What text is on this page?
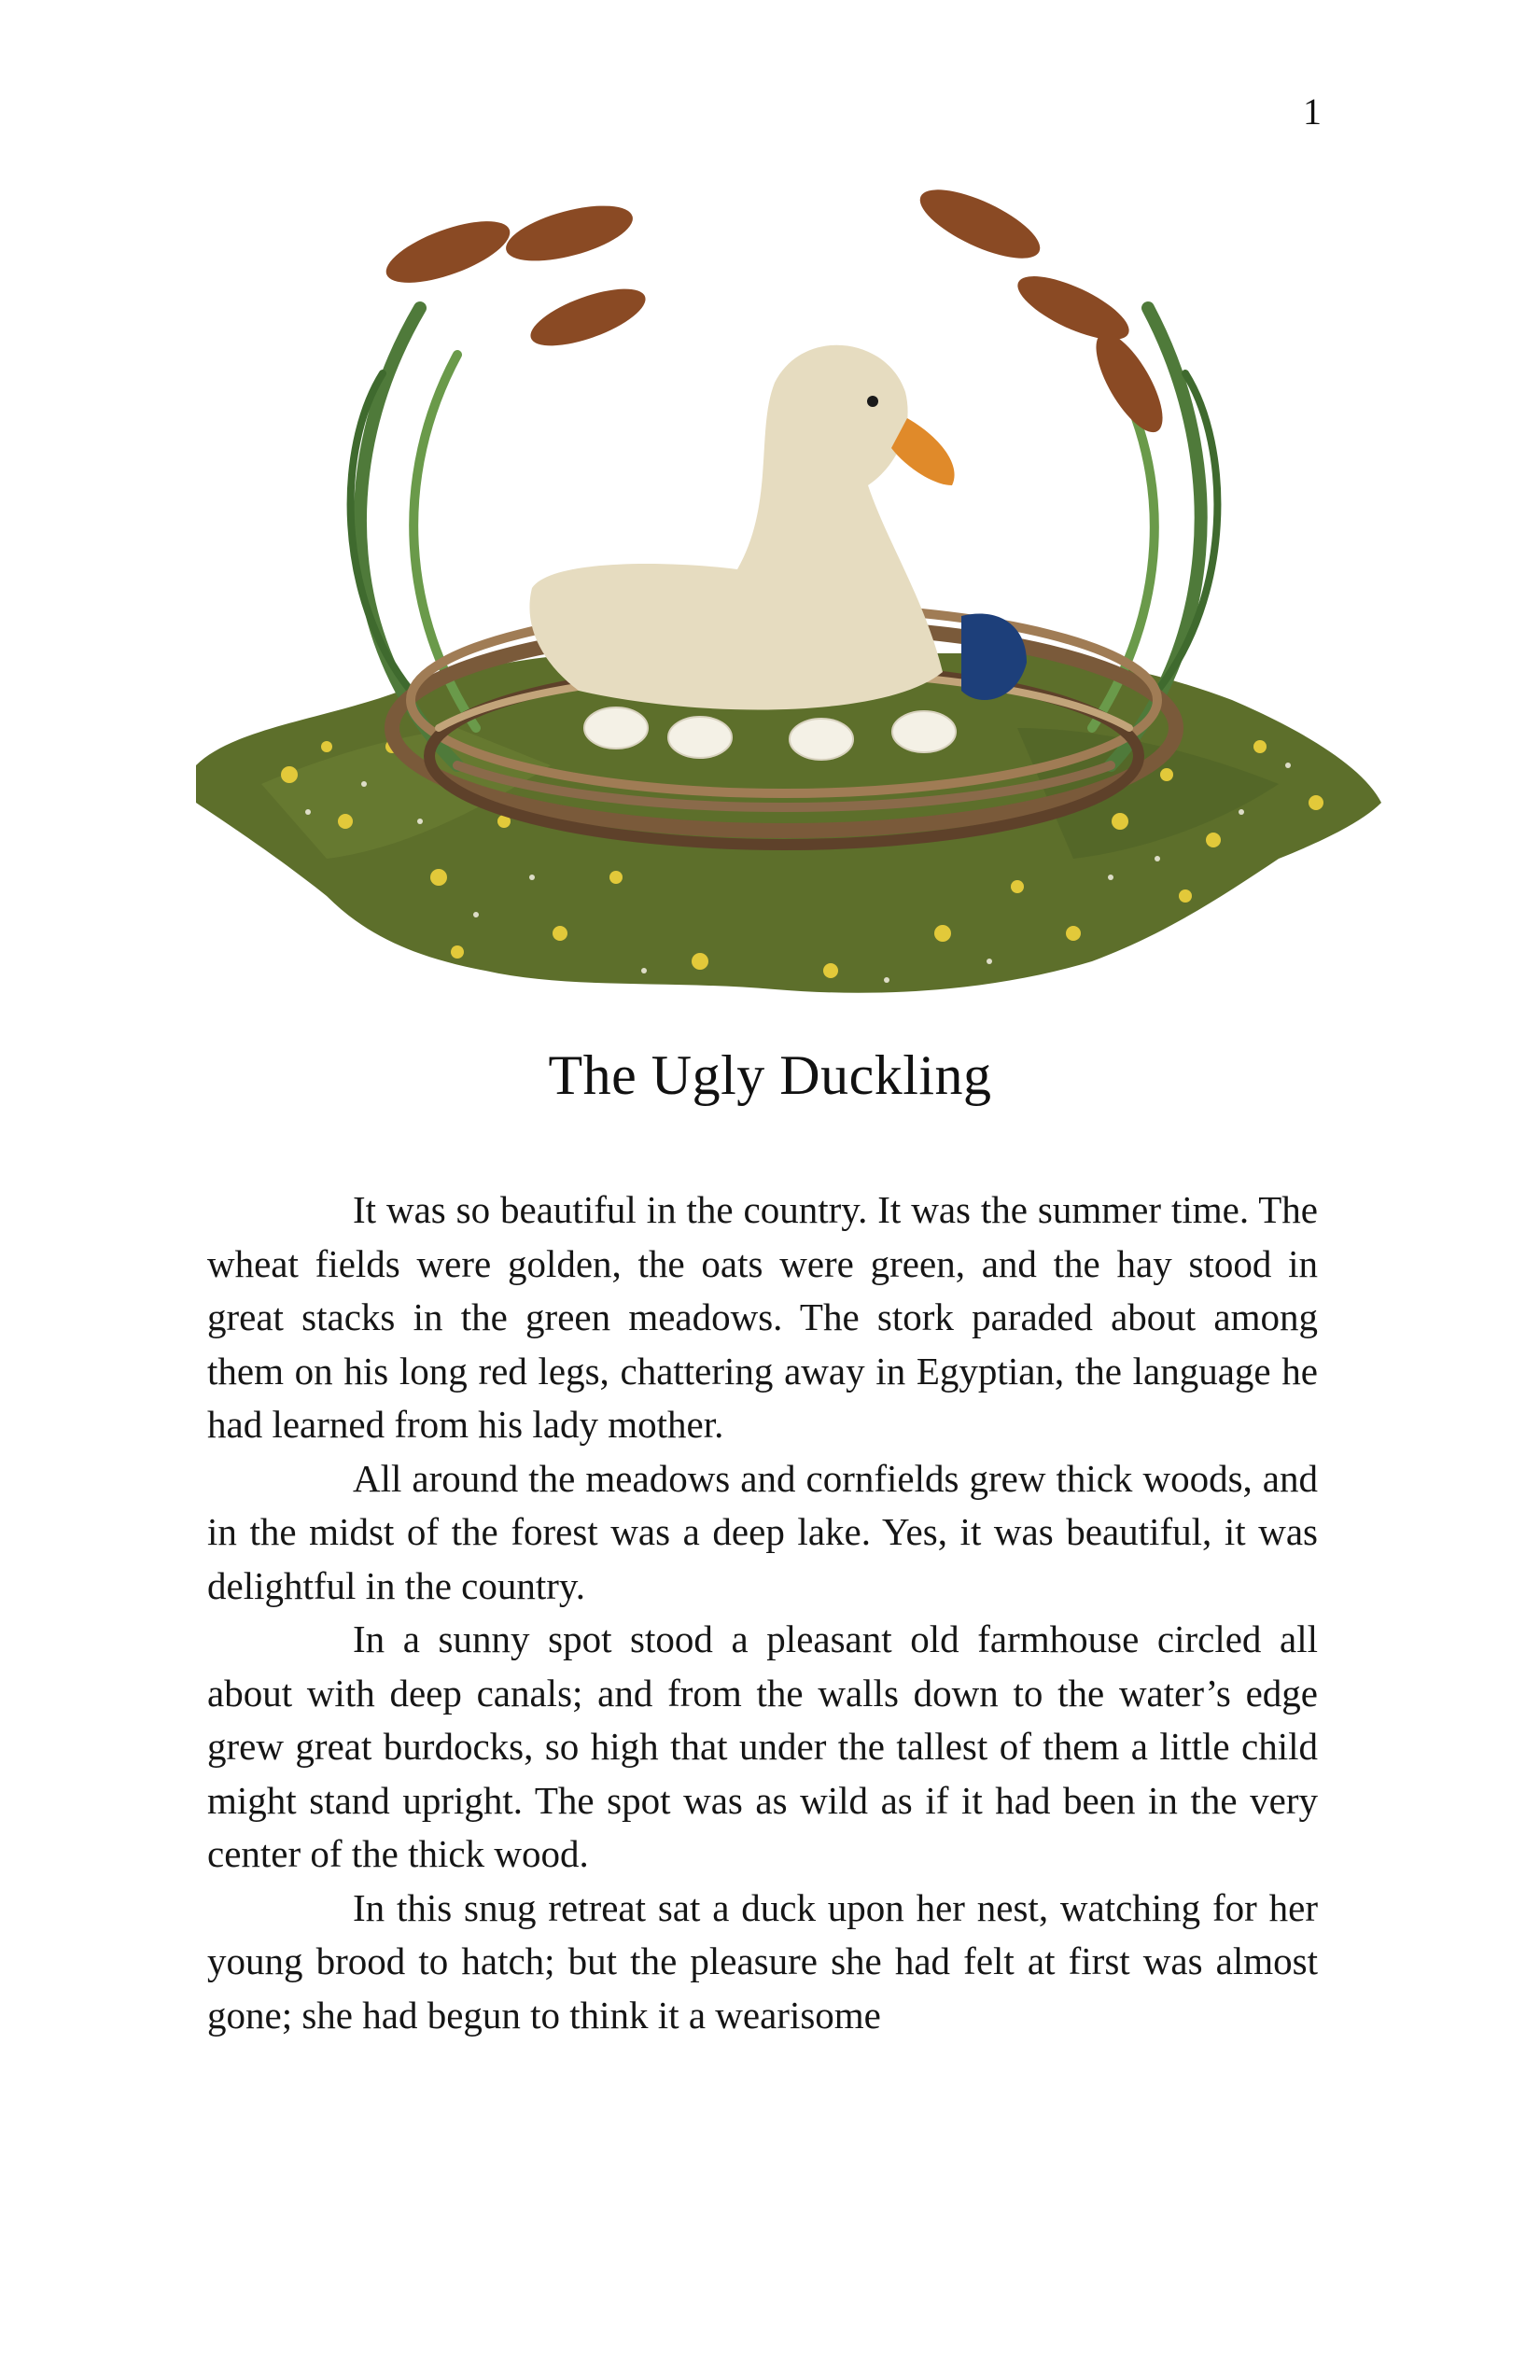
1
The Ugly Duckling

It was so beautiful in the country. It was the summer time. The wheat fields were golden, the oats were green, and the hay stood in great stacks in the green meadows. The stork paraded about among them on his long red legs, chattering away in Egyptian, the language he had learned from his lady mother.

All around the meadows and cornfields grew thick woods, and in the midst of the forest was a deep lake. Yes, it was beautiful, it was delightful in the country.

In a sunny spot stood a pleasant old farmhouse circled all about with deep canals; and from the walls down to the water’s edge grew great burdocks, so high that under the tallest of them a little child might stand upright. The spot was as wild as if it had been in the very center of the thick wood.

In this snug retreat sat a duck upon her nest, watching for her young brood to hatch; but the pleasure she had felt at first was almost gone; she had begun to think it a wearisome
